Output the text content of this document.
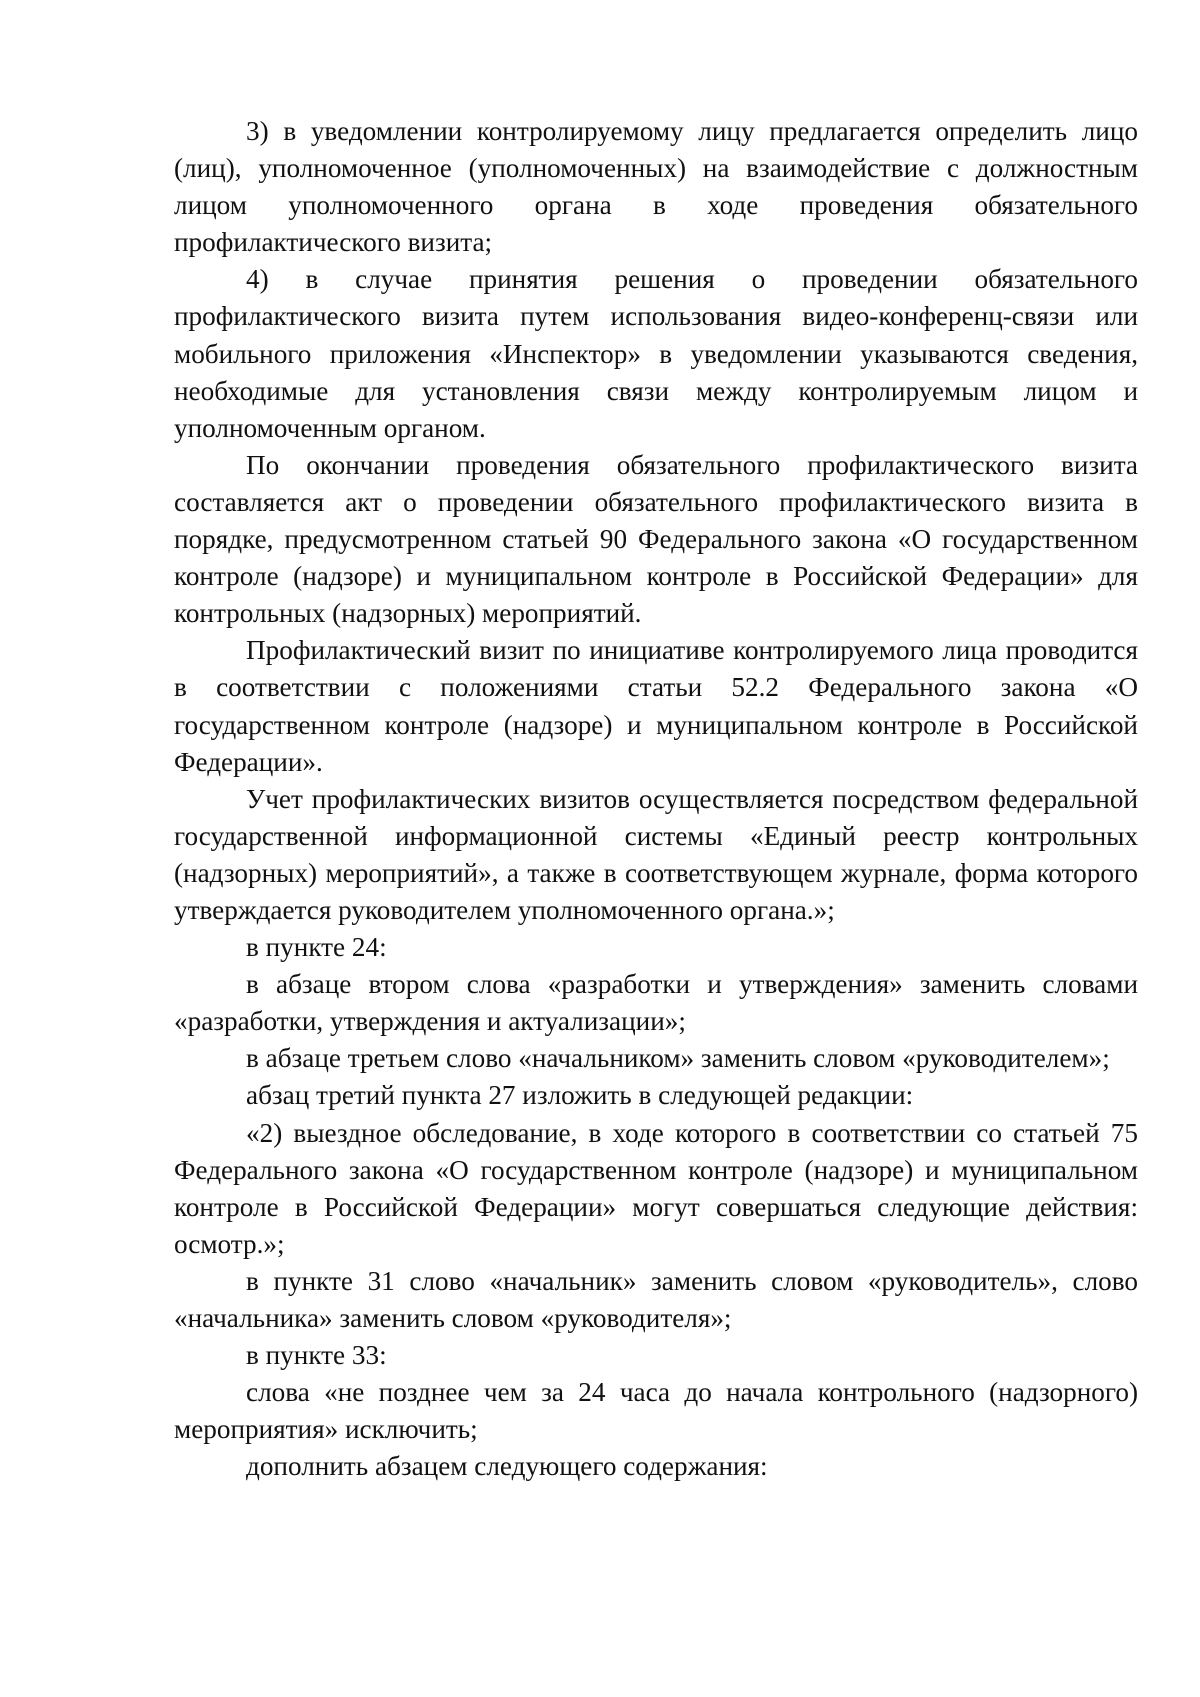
3) в уведомлении контролируемому лицу предлагается определить лицо (лиц), уполномоченное (уполномоченных) на взаимодействие с должностным лицом уполномоченного органа в ходе проведения обязательного профилактического визита;

4) в случае принятия решения о проведении обязательного профилактического визита путем использования видео-конференц-связи или мобильного приложения «Инспектор» в уведомлении указываются сведения, необходимые для установления связи между контролируемым лицом и уполномоченным органом.

По окончании проведения обязательного профилактического визита составляется акт о проведении обязательного профилактического визита в порядке, предусмотренном статьей 90 Федерального закона «О государственном контроле (надзоре) и муниципальном контроле в Российской Федерации» для контрольных (надзорных) мероприятий.

Профилактический визит по инициативе контролируемого лица проводится в соответствии с положениями статьи 52.2 Федерального закона «О государственном контроле (надзоре) и муниципальном контроле в Российской Федерации».

Учет профилактических визитов осуществляется посредством федеральной государственной информационной системы «Единый реестр контрольных (надзорных) мероприятий», а также в соответствующем журнале, форма которого утверждается руководителем уполномоченного органа.»;

в пункте 24:

в абзаце втором слова «разработки и утверждения» заменить словами «разработки, утверждения и актуализации»;

в абзаце третьем слово «начальником» заменить словом «руководителем»;

абзац третий пункта 27 изложить в следующей редакции:

«2) выездное обследование, в ходе которого в соответствии со статьей 75 Федерального закона «О государственном контроле (надзоре) и муниципальном контроле в Российской Федерации» могут совершаться следующие действия: осмотр.»;

в пункте 31 слово «начальник» заменить словом «руководитель», слово «начальника» заменить словом «руководителя»;

в пункте 33:

слова «не позднее чем за 24 часа до начала контрольного (надзорного) мероприятия» исключить;

дополнить абзацем следующего содержания:
